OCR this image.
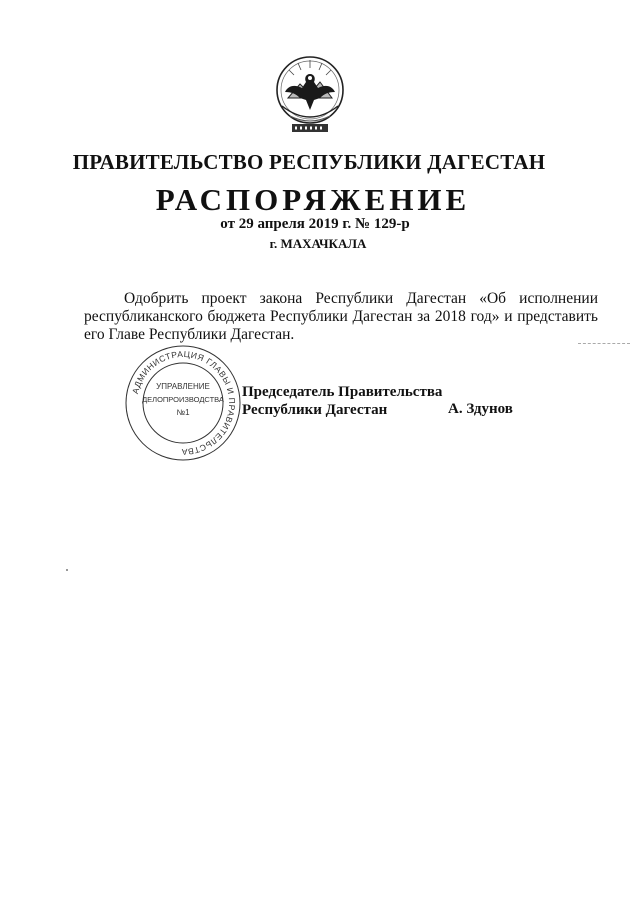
ПРАВИТЕЛЬСТВО РЕСПУБЛИКИ ДАГЕСТАН
РАСПОРЯЖЕНИЕ
от 29 апреля 2019 г. № 129-р
г. МАХАЧКАЛА
Одобрить проект закона Республики Дагестан «Об исполнении республиканского бюджета Республики Дагестан за 2018 год» и представить его Главе Республики Дагестан.
АДМИНИСТРАЦИЯ ГЛАВЫ И ПРАВИТЕЛЬСТВА
УПРАВЛЕНИЕ
ДЕЛОПРОИЗВОДСТВА
№1
Председатель Правительства
Республики Дагестан	А. Здунов
